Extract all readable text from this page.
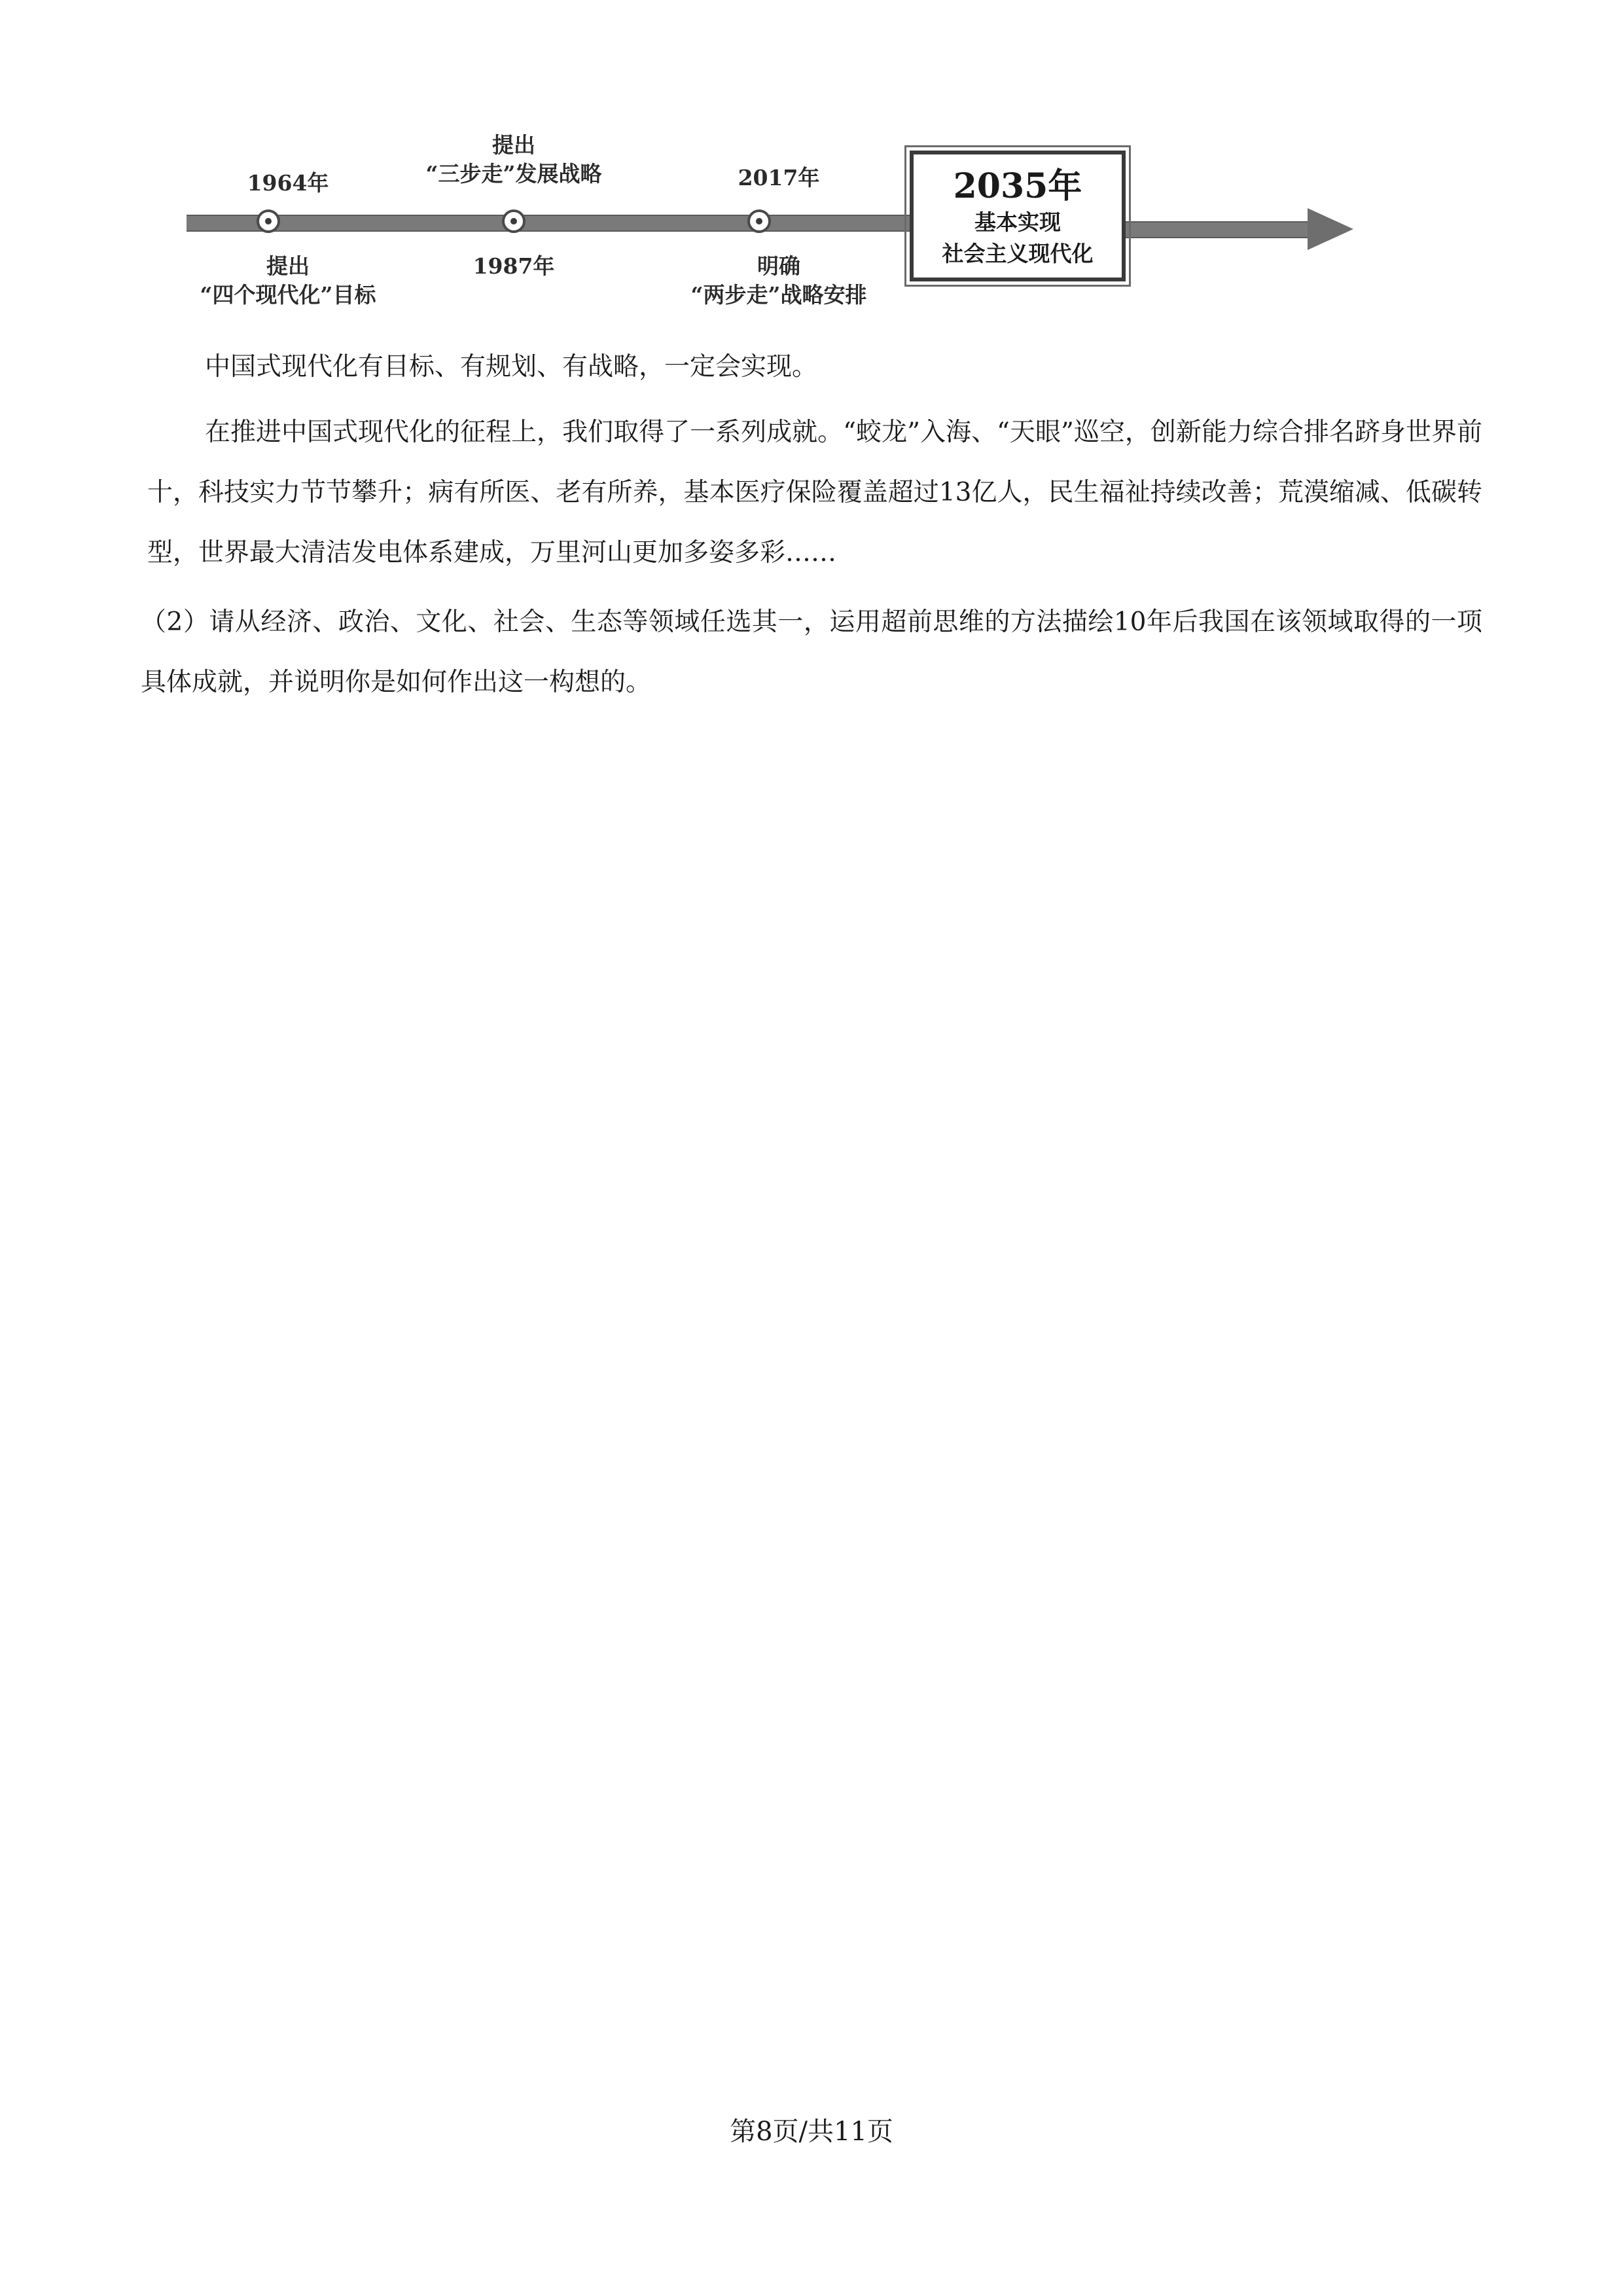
1964年
提出
“四个现代化”目标
提出
“三步走”发展战略
1987年
2017年
明确
“两步走”战略安排
2035年
基本实现
社会主义现代化

中国式现代化有目标、有规划、有战略，一定会实现。

在推进中国式现代化的征程上，我们取得了一系列成就。“蛟龙”入海、“天眼”巡空，创新能力综合排名跻身世界前十，科技实力节节攀升；病有所医、老有所养，基本医疗保险覆盖超过13亿人，民生福祉持续改善；荒漠缩减、低碳转型，世界最大清洁发电体系建成，万里河山更加多姿多彩……

（2）请从经济、政治、文化、社会、生态等领域任选其一，运用超前思维的方法描绘10年后我国在该领域取得的一项具体成就，并说明你是如何作出这一构想的。

第8页/共11页
